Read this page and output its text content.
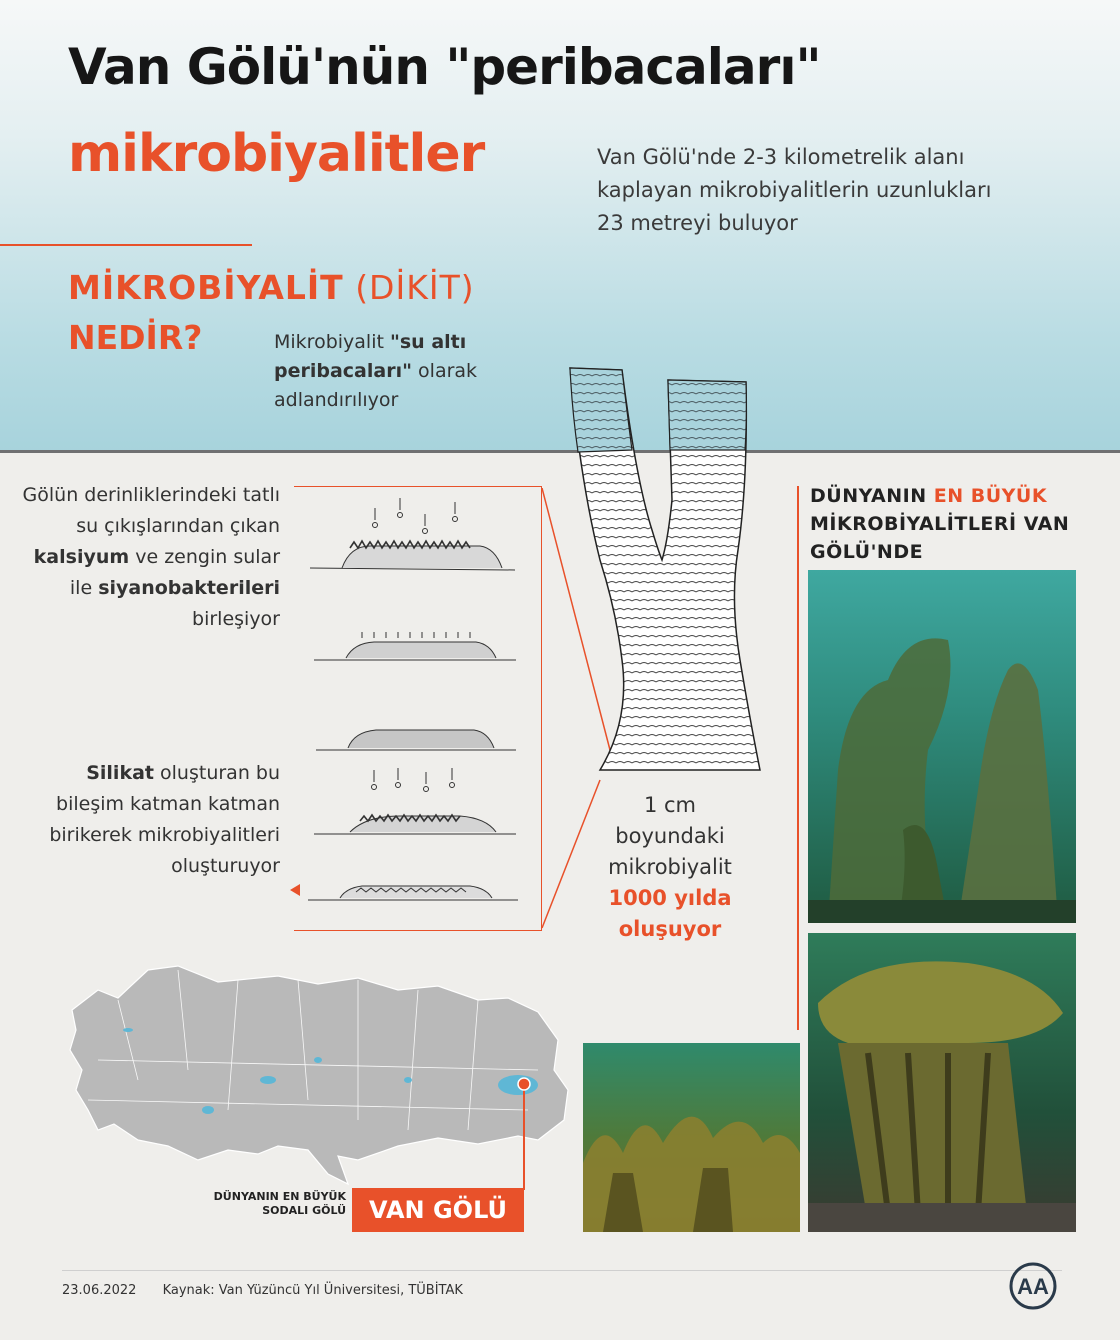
Van Gölü'nün "peribacaları"
mikrobiyalitler	Van Gölü'nde 2-3 kilometrelik alanı kaplayan mikrobiyalitlerin uzunlukları 23 metreyi buluyor
MİKROBİYALİT (DİKİT)
NEDİR?	Mikrobiyalit "su altı peribacaları" olarak adlandırılıyor
Gölün derinliklerindeki tatlı su çıkışlarından çıkan kalsiyum ve zengin sular ile siyanobakterileri birleşiyor
Silikat oluşturan bu bileşim katman katman birikerek mikrobiyalitleri oluşturuyor
1 cm
boyundaki
mikrobiyalit
1000 yılda
oluşuyor
DÜNYANIN EN BÜYÜK MİKROBİYALİTLERİ VAN GÖLÜ'NDE
DÜNYANIN EN BÜYÜK SODALI GÖLÜ VAN GÖLÜ
23.06.2022 Kaynak: Van Yüzüncü Yıl Üniversitesi, TÜBİTAK	AA
